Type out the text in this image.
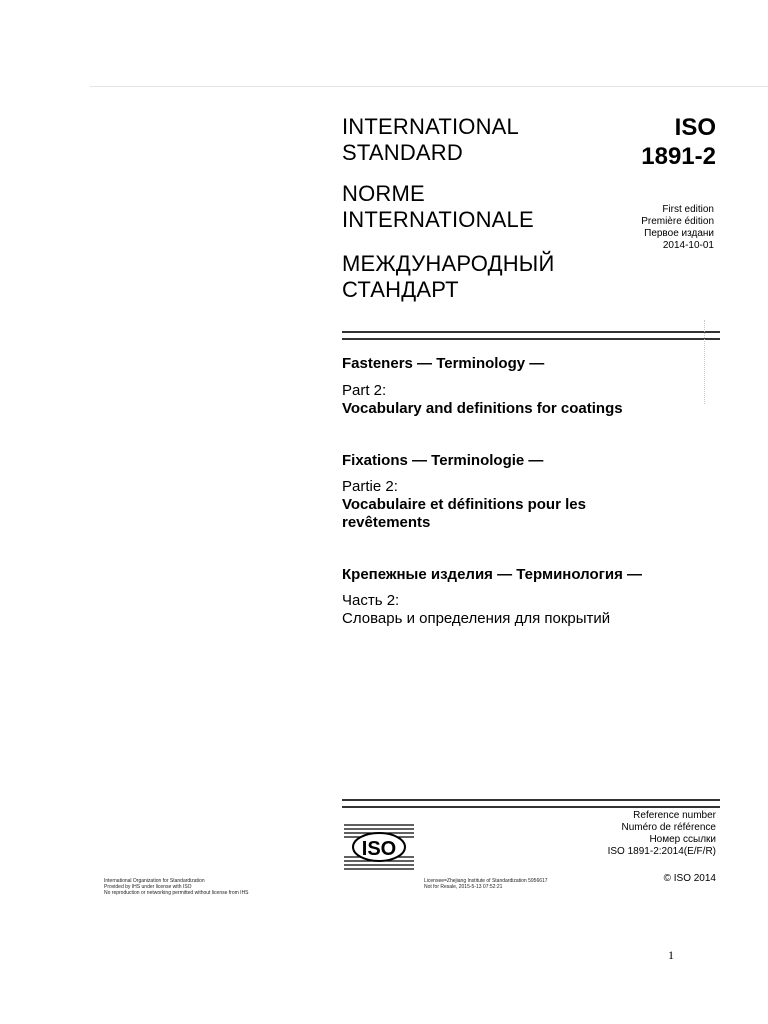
INTERNATIONAL
STANDARD
NORME
INTERNATIONALE
МЕЖДУНАРОДНЫЙ
СТАНДАРТ
ISO
1891-2
First edition
Première édition
Первое издани
2014-10-01
Fasteners — Terminology —
Part 2:
Vocabulary and definitions for coatings
Fixations — Terminologie —
Partie 2:
Vocabulaire et définitions pour les
revêtements
Крепежные изделия — Терминология —
Часть 2:
Словарь и определения для покрытий
ISO
Reference number
Numéro de référence
Номер ссылки
ISO 1891-2:2014(E/F/R)
© ISO 2014
International Organization for Standardization
Provided by IHS under license with ISO
No reproduction or networking permitted without license from IHS
Licensee=Zhejiang Institute of Standardization 5956617
Not for Resale, 2015-5-13 07:52:21
1
